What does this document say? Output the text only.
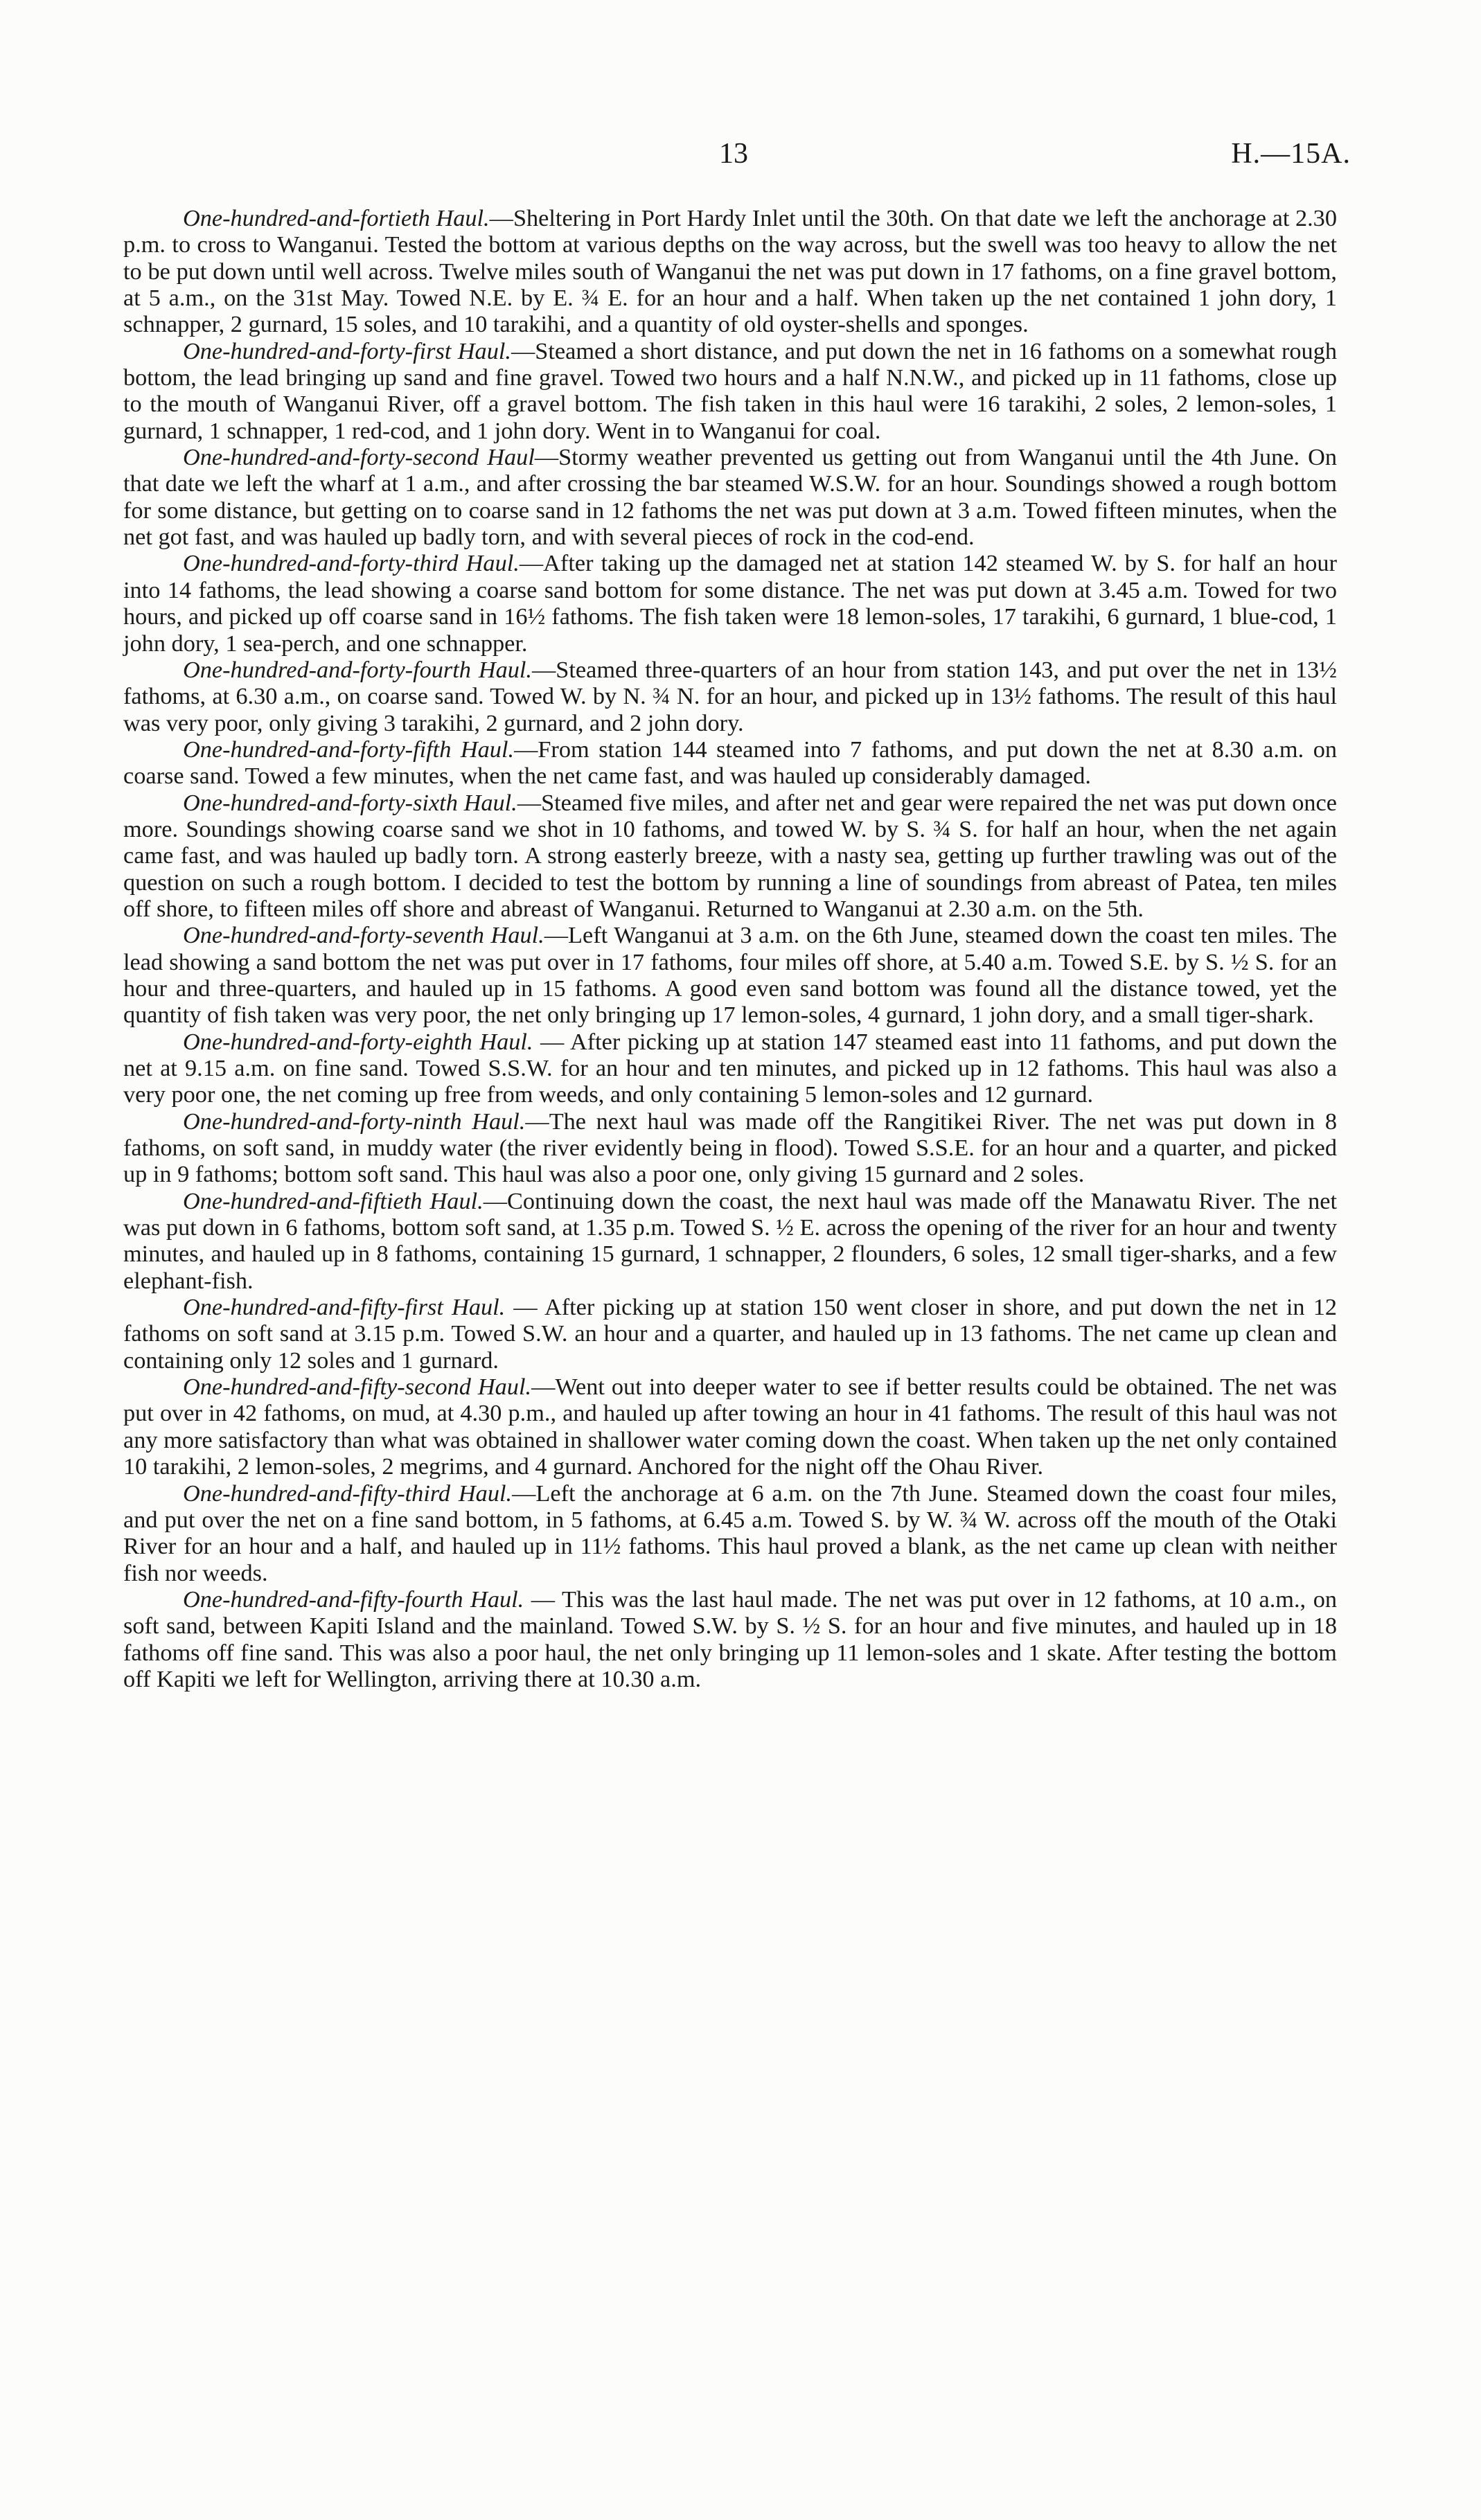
13	H.—15A.

One-hundred-and-fortieth Haul.—Sheltering in Port Hardy Inlet until the 30th. On that date we left the anchorage at 2.30 p.m. to cross to Wanganui. Tested the bottom at various depths on the way across, but the swell was too heavy to allow the net to be put down until well across. Twelve miles south of Wanganui the net was put down in 17 fathoms, on a fine gravel bottom, at 5 a.m., on the 31st May. Towed N.E. by E. ¾ E. for an hour and a half. When taken up the net contained 1 john dory, 1 schnapper, 2 gurnard, 15 soles, and 10 tarakihi, and a quantity of old oyster-shells and sponges.

One-hundred-and-forty-first Haul.—Steamed a short distance, and put down the net in 16 fathoms on a somewhat rough bottom, the lead bringing up sand and fine gravel. Towed two hours and a half N.N.W., and picked up in 11 fathoms, close up to the mouth of Wanganui River, off a gravel bottom. The fish taken in this haul were 16 tarakihi, 2 soles, 2 lemon-soles, 1 gurnard, 1 schnapper, 1 red-cod, and 1 john dory. Went in to Wanganui for coal.

One-hundred-and-forty-second Haul—Stormy weather prevented us getting out from Wanganui until the 4th June. On that date we left the wharf at 1 a.m., and after crossing the bar steamed W.S.W. for an hour. Soundings showed a rough bottom for some distance, but getting on to coarse sand in 12 fathoms the net was put down at 3 a.m. Towed fifteen minutes, when the net got fast, and was hauled up badly torn, and with several pieces of rock in the cod-end.

One-hundred-and-forty-third Haul.—After taking up the damaged net at station 142 steamed W. by S. for half an hour into 14 fathoms, the lead showing a coarse sand bottom for some distance. The net was put down at 3.45 a.m. Towed for two hours, and picked up off coarse sand in 16½ fathoms. The fish taken were 18 lemon-soles, 17 tarakihi, 6 gurnard, 1 blue-cod, 1 john dory, 1 sea-perch, and one schnapper.

One-hundred-and-forty-fourth Haul.—Steamed three-quarters of an hour from station 143, and put over the net in 13½ fathoms, at 6.30 a.m., on coarse sand. Towed W. by N. ¾ N. for an hour, and picked up in 13½ fathoms. The result of this haul was very poor, only giving 3 tarakihi, 2 gurnard, and 2 john dory.

One-hundred-and-forty-fifth Haul.—From station 144 steamed into 7 fathoms, and put down the net at 8.30 a.m. on coarse sand. Towed a few minutes, when the net came fast, and was hauled up considerably damaged.

One-hundred-and-forty-sixth Haul.—Steamed five miles, and after net and gear were repaired the net was put down once more. Soundings showing coarse sand we shot in 10 fathoms, and towed W. by S. ¾ S. for half an hour, when the net again came fast, and was hauled up badly torn. A strong easterly breeze, with a nasty sea, getting up further trawling was out of the question on such a rough bottom. I decided to test the bottom by running a line of soundings from abreast of Patea, ten miles off shore, to fifteen miles off shore and abreast of Wanganui. Returned to Wanganui at 2.30 a.m. on the 5th.

One-hundred-and-forty-seventh Haul.—Left Wanganui at 3 a.m. on the 6th June, steamed down the coast ten miles. The lead showing a sand bottom the net was put over in 17 fathoms, four miles off shore, at 5.40 a.m. Towed S.E. by S. ½ S. for an hour and three-quarters, and hauled up in 15 fathoms. A good even sand bottom was found all the distance towed, yet the quantity of fish taken was very poor, the net only bringing up 17 lemon-soles, 4 gurnard, 1 john dory, and a small tiger-shark.

One-hundred-and-forty-eighth Haul. — After picking up at station 147 steamed east into 11 fathoms, and put down the net at 9.15 a.m. on fine sand. Towed S.S.W. for an hour and ten minutes, and picked up in 12 fathoms. This haul was also a very poor one, the net coming up free from weeds, and only containing 5 lemon-soles and 12 gurnard.

One-hundred-and-forty-ninth Haul.—The next haul was made off the Rangitikei River. The net was put down in 8 fathoms, on soft sand, in muddy water (the river evidently being in flood). Towed S.S.E. for an hour and a quarter, and picked up in 9 fathoms; bottom soft sand. This haul was also a poor one, only giving 15 gurnard and 2 soles.

One-hundred-and-fiftieth Haul.—Continuing down the coast, the next haul was made off the Manawatu River. The net was put down in 6 fathoms, bottom soft sand, at 1.35 p.m. Towed S. ½ E. across the opening of the river for an hour and twenty minutes, and hauled up in 8 fathoms, containing 15 gurnard, 1 schnapper, 2 flounders, 6 soles, 12 small tiger-sharks, and a few elephant-fish.

One-hundred-and-fifty-first Haul. — After picking up at station 150 went closer in shore, and put down the net in 12 fathoms on soft sand at 3.15 p.m. Towed S.W. an hour and a quarter, and hauled up in 13 fathoms. The net came up clean and containing only 12 soles and 1 gurnard.

One-hundred-and-fifty-second Haul.—Went out into deeper water to see if better results could be obtained. The net was put over in 42 fathoms, on mud, at 4.30 p.m., and hauled up after towing an hour in 41 fathoms. The result of this haul was not any more satisfactory than what was obtained in shallower water coming down the coast. When taken up the net only contained 10 tarakihi, 2 lemon-soles, 2 megrims, and 4 gurnard. Anchored for the night off the Ohau River.

One-hundred-and-fifty-third Haul.—Left the anchorage at 6 a.m. on the 7th June. Steamed down the coast four miles, and put over the net on a fine sand bottom, in 5 fathoms, at 6.45 a.m. Towed S. by W. ¾ W. across off the mouth of the Otaki River for an hour and a half, and hauled up in 11½ fathoms. This haul proved a blank, as the net came up clean with neither fish nor weeds.

One-hundred-and-fifty-fourth Haul. — This was the last haul made. The net was put over in 12 fathoms, at 10 a.m., on soft sand, between Kapiti Island and the mainland. Towed S.W. by S. ½ S. for an hour and five minutes, and hauled up in 18 fathoms off fine sand. This was also a poor haul, the net only bringing up 11 lemon-soles and 1 skate. After testing the bottom off Kapiti we left for Wellington, arriving there at 10.30 a.m.
